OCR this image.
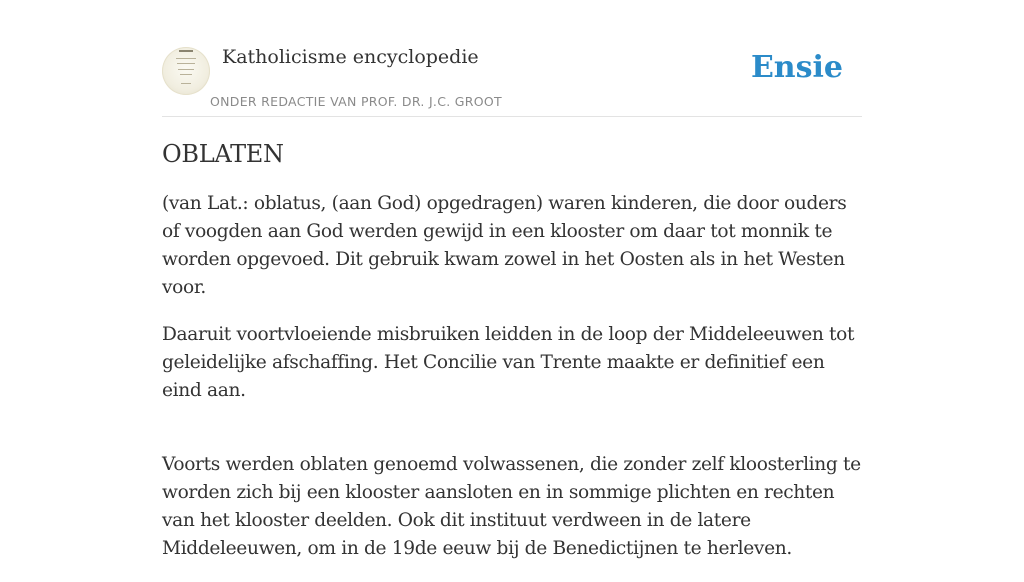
Katholicisme encyclopedie
ONDER REDACTIE VAN PROF. DR. J.C. GROOT
Ensie
OBLATEN

(van Lat.: oblatus, (aan God) opgedragen) waren kinderen, die door ouders of voogden aan God werden gewijd in een klooster om daar tot monnik te worden opgevoed. Dit gebruik kwam zowel in het Oosten als in het Westen voor.

Daaruit voortvloeiende misbruiken leidden in de loop der Middeleeuwen tot geleidelijke afschaffing. Het Concilie van Trente maakte er definitief een eind aan.

Voorts werden oblaten genoemd volwassenen, die zonder zelf kloosterling te worden zich bij een klooster aansloten en in sommige plichten en rechten van het klooster deelden. Ook dit instituut verdween in de latere Middeleeuwen, om in de 19de eeuw bij de Benedictijnen te herleven.
